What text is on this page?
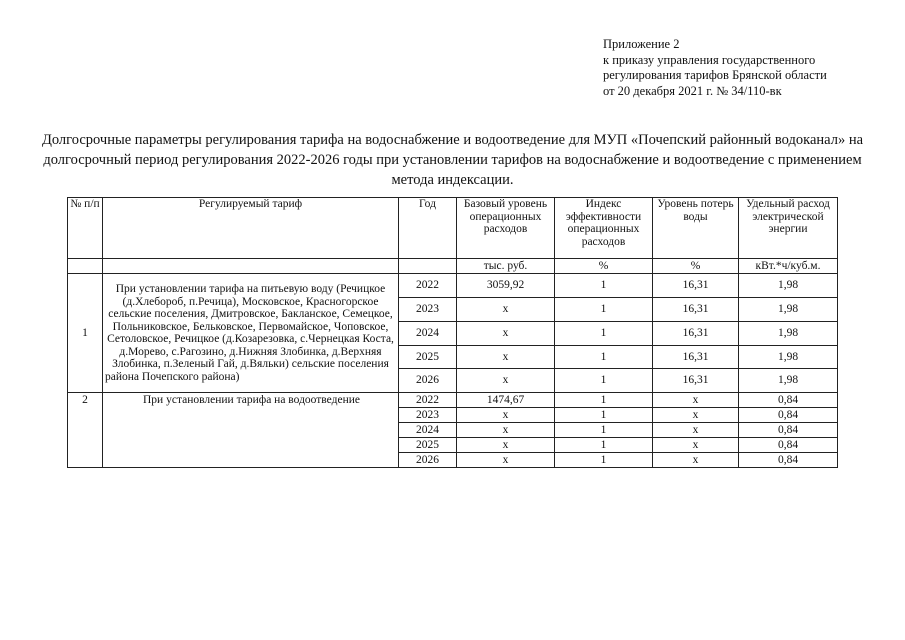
Приложение 2
к приказу управления государственного
регулирования тарифов Брянской области
от 20 декабря 2021 г. № 34/110-вк
Долгосрочные параметры регулирования тарифа на водоснабжение и водоотведение для МУП «Почепский районный водоканал» на долгосрочный период регулирования 2022-2026 годы при установлении тарифов на водоснабжение и водоотведение с применением метода индексации.
№ п/п	Регулируемый тариф	Год	Базовый уровень операционных расходов	Индекс эффективности операционных расходов	Уровень потерь воды	Удельный расход электрической энергии
			тыс. руб.	%	%	кВт.*ч/куб.м.
1	При установлении тарифа на питьевую воду (Речицкое (д.Хлебороб, п.Речица), Московское, Красногорское сельские поселения, Дмитровское, Бакланское, Семецкое, Польниковское, Бельковское, Первомайское, Чоповское, Сетоловское, Речицкое (д.Козарезовка, с.Чернецкая Коста, д.Морево, с.Рагозино, д.Нижняя Злобинка, д.Верхняя Злобинка, п.Зеленый Гай, д.Вяльки) сельские поселения района Почепского района)	2022	3059,92	1	16,31	1,98
		2023	х	1	16,31	1,98
		2024	х	1	16,31	1,98
		2025	х	1	16,31	1,98
		2026	х	1	16,31	1,98
2	При установлении тарифа на водоотведение	2022	1474,67	1	х	0,84
		2023	х	1	х	0,84
		2024	х	1	х	0,84
		2025	х	1	х	0,84
		2026	х	1	х	0,84
